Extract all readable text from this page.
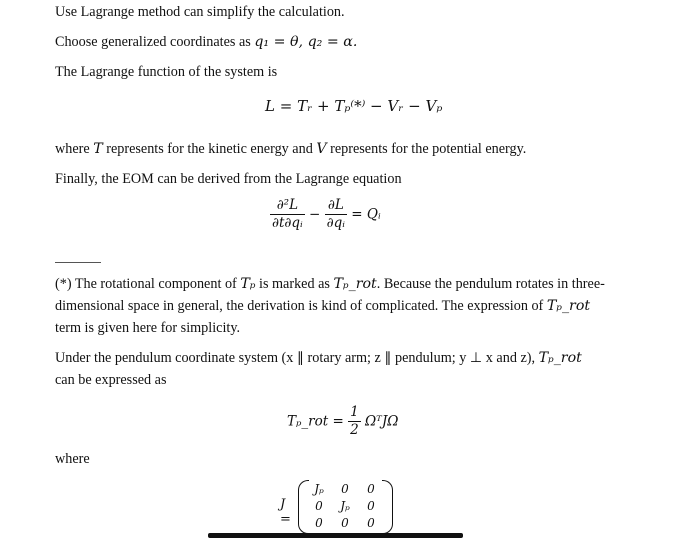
Use Lagrange method can simplify the calculation.
Choose generalized coordinates as q₁ = θ, q₂ = α.
The Lagrange function of the system is
L = Tᵣ + Tₚ⁽*⁾ − Vᵣ − Vₚ
where T represents for the kinetic energy and V represents for the potential energy.
Finally, the EOM can be derived from the Lagrange equation
$\frac{\text{∂²L}}{\text{∂t∂qᵢ}} - \frac{\partial L}{\text{∂qᵢ}}$ = Qᵢ
(*) The rotational component of Tₚ is marked as Tₚ_rot. Because the pendulum rotates in three-
dimensional space in general, the derivation is kind of complicated. The expression of Tₚ_rot
term is given here for simplicity.
Under the pendulum coordinate system (x ∥ rotary arm; z ∥ pendulum; y ⊥ x and z), Tₚ_rot
can be expressed as
Tₚ_rot = $\frac{1}{2}$ Ωᵀ𝐽Ω
where
𝐽 =
Jₚ	0	0
0	Jₚ	0
0	0	0
